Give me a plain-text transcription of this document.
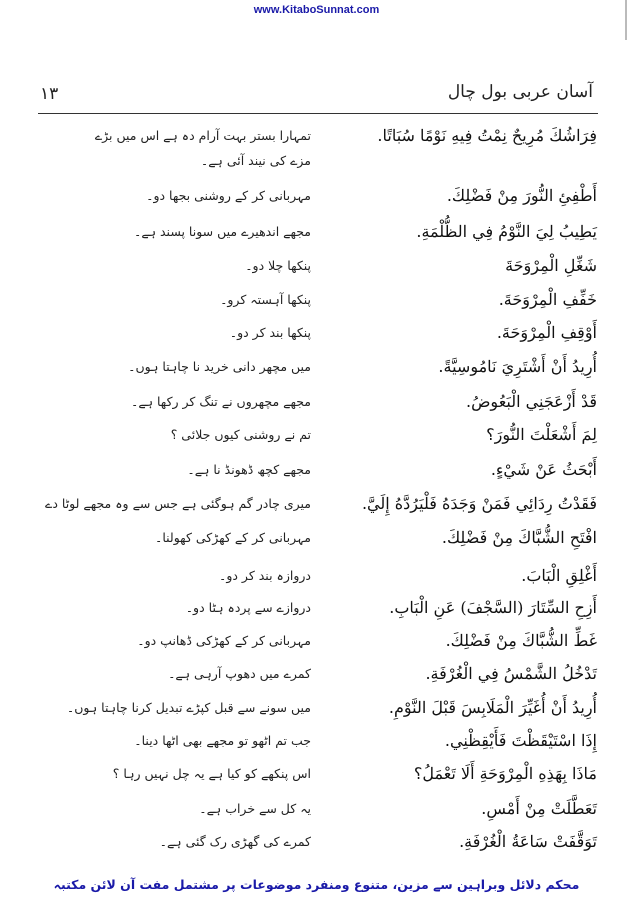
www.KitaboSunnat.com
۱۳	آسان عربی بول چال
فِرَاشُكَ مُرِيحٌ نِمْتُ فِيهِ نَوْمًا سُبَاتًا.
تمہارا بستر بہت آرام دہ ہے اس میں بڑے
مزے کی نیند آئی ہے۔
أَطْفِئِ النُّورَ مِنْ فَضْلِكَ.
مہربانی کر کے روشنی بجھا دو۔
يَطِيبُ لِيَ النَّوْمُ فِي الظُّلْمَةِ.
مجھے اندھیرے میں سونا پسند ہے۔
شَغِّلِ الْمِرْوَحَةَ
پنکھا چلا دو۔
خَفِّفِ الْمِرْوَحَةَ.
پنکھا آہستہ کرو۔
أَوْقِفِ الْمِرْوَحَةَ.
پنکھا بند کر دو۔
أُرِيدُ أَنْ أَشْتَرِيَ نَامُوسِيَّةً.
میں مچھر دانی خرید نا چاہتا ہوں۔
قَدْ أَزْعَجَنِي الْبَعُوضُ.
مجھے مچھروں نے تنگ کر رکھا ہے۔
لِمَ أَشْعَلْتَ النُّورَ؟
تم نے روشنی کیوں جلائی ؟
أَبْحَثُ عَنْ شَيْءٍ.
مجھے کچھ ڈھونڈ نا ہے۔
فَقَدْتُ رِدَائِي فَمَنْ وَجَدَهُ فَلْيَرُدَّهُ إِلَيَّ.
میری چادر گم ہوگئی ہے جس سے وہ مجھے لوٹا دے
افْتَحِ الشُّبَّاكَ مِنْ فَضْلِكَ.
مہربانی کر کے کھڑکی کھولنا۔
أَغْلِقِ الْبَابَ.
دروازہ بند کر دو۔
أَزِحِ السِّتَارَ (السَّجْفَ) عَنِ الْبَابِ.
دروازے سے پردہ ہٹا دو۔
غَطِّ الشُّبَّاكَ مِنْ فَضْلِكَ.
مہربانی کر کے کھڑکی ڈھانپ دو۔
تَدْخُلُ الشَّمْسُ فِي الْغُرْفَةِ.
کمرے میں دھوپ آرہی ہے۔
أُرِيدُ أَنْ أُغَيِّرَ الْمَلَابِسَ قَبْلَ النَّوْمِ.
میں سونے سے قبل کپڑے تبدیل کرنا چاہتا ہوں۔
إِذَا اسْتَيْقَظْتَ فَأَيْقِظْنِي.
جب تم اٹھو تو مجھے بھی اٹھا دینا۔
مَاذَا بِهَذِهِ الْمِرْوَحَةِ أَلَا تَعْمَلُ؟
اس پنکھے کو کیا ہے یہ چل نہیں رہا ؟
تَعَطَّلَتْ مِنْ أَمْسِ.
یہ کل سے خراب ہے۔
تَوَقَّفَتْ سَاعَةُ الْغُرْفَةِ.
کمرے کی گھڑی رک گئی ہے۔
محکم دلائل وبراہین سے مزین، متنوع ومنفرد موضوعات پر مشتمل مفت آن لائن مکتبہ
